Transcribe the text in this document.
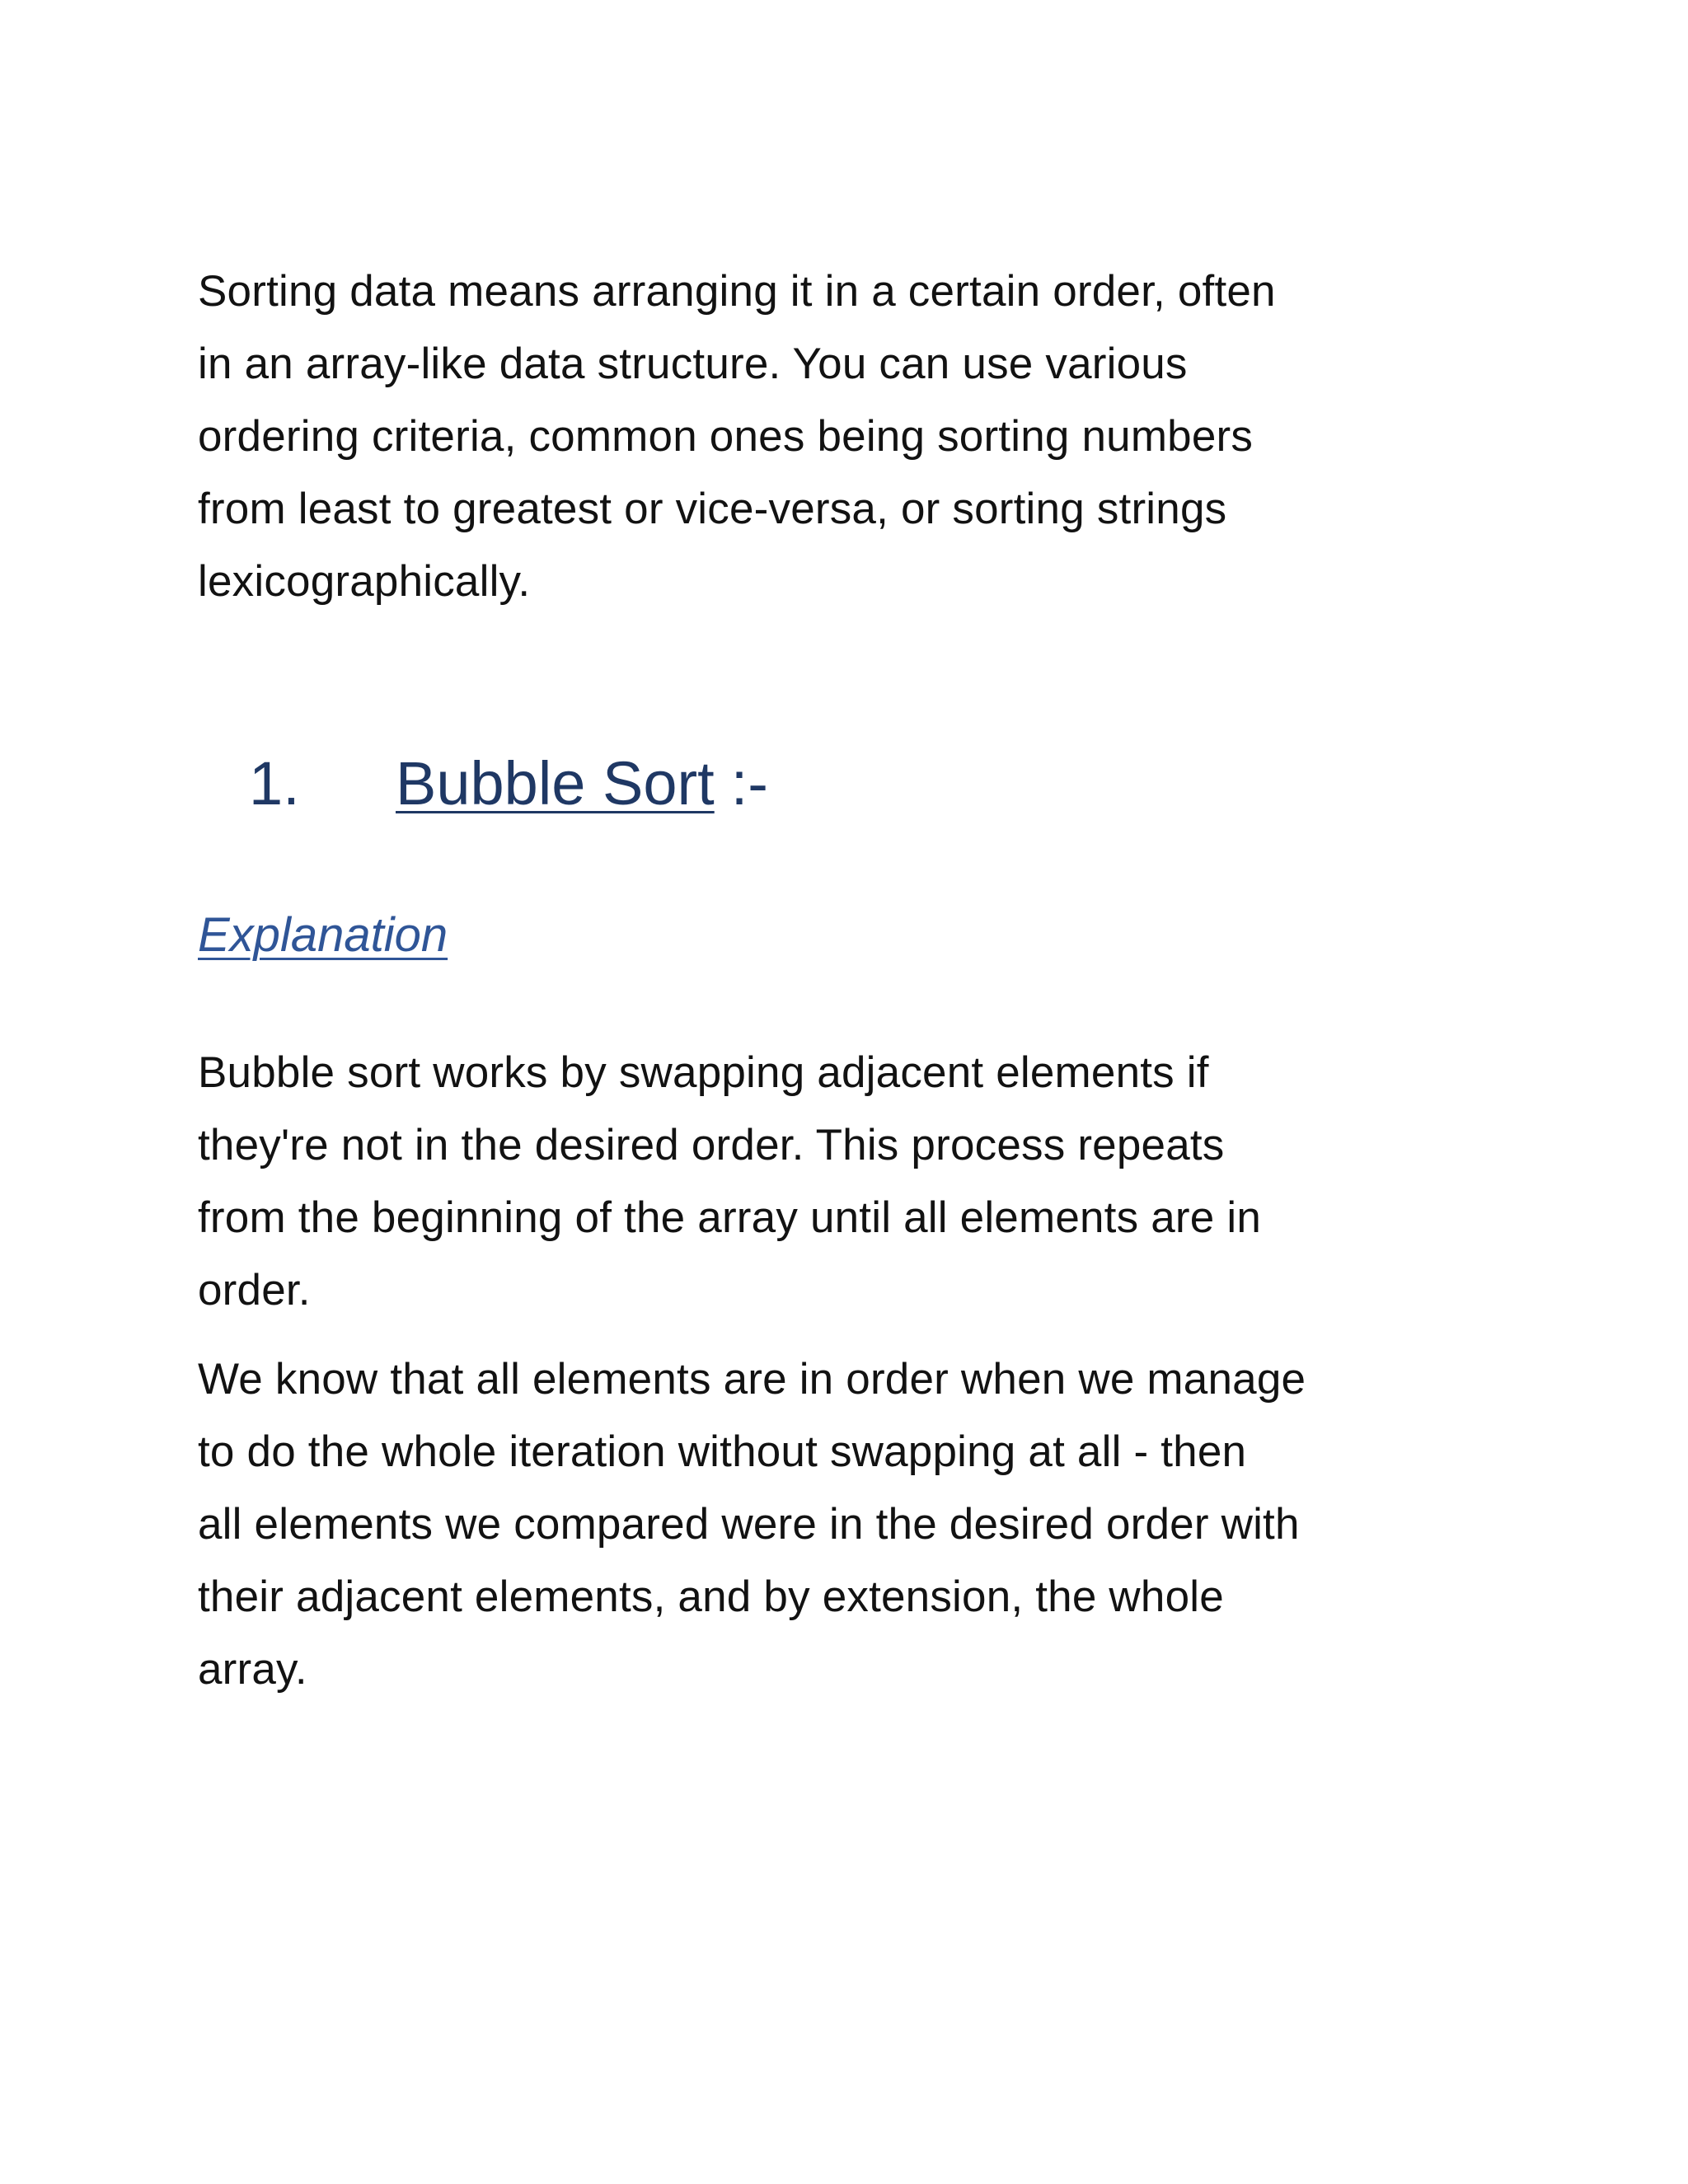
Sorting data means arranging it in a certain order, often
in an array-like data structure. You can use various
ordering criteria, common ones being sorting numbers
from least to greatest or vice-versa, or sorting strings
lexicographically.

1. Bubble Sort :-
Explanation

Bubble sort works by swapping adjacent elements if
they're not in the desired order. This process repeats
from the beginning of the array until all elements are in
order.

We know that all elements are in order when we manage
to do the whole iteration without swapping at all - then
all elements we compared were in the desired order with
their adjacent elements, and by extension, the whole
array.
